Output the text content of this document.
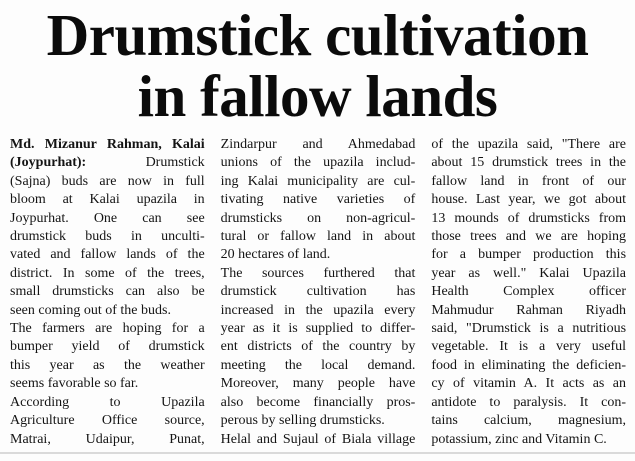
Drumstick cultivation
in fallow lands
Md. Mizanur Rahman, Kalai
(Joypurhat): Drumstick
(Sajna) buds are now in full
bloom at Kalai upazila in
Joypurhat. One can see
drumstick buds in unculti-
vated and fallow lands of the
district. In some of the trees,
small drumsticks can also be
seen coming out of the buds.
The farmers are hoping for a
bumper yield of drumstick
this year as the weather
seems favorable so far.
According to Upazila
Agriculture Office source,
Matrai, Udaipur, Punat,
Zindarpur and Ahmedabad
unions of the upazila includ-
ing Kalai municipality are cul-
tivating native varieties of
drumsticks on non-agricul-
tural or fallow land in about
20 hectares of land.
The sources furthered that
drumstick cultivation has
increased in the upazila every
year as it is supplied to differ-
ent districts of the country by
meeting the local demand.
Moreover, many people have
also become financially pros-
perous by selling drumsticks.
Helal and Sujaul of Biala village
of the upazila said, "There are
about 15 drumstick trees in the
fallow land in front of our
house. Last year, we got about
13 mounds of drumsticks from
those trees and we are hoping
for a bumper production this
year as well." Kalai Upazila
Health Complex officer
Mahmudur Rahman Riyadh
said, "Drumstick is a nutritious
vegetable. It is a very useful
food in eliminating the deficien-
cy of vitamin A. It acts as an
antidote to paralysis. It con-
tains calcium, magnesium,
potassium, zinc and Vitamin C.
